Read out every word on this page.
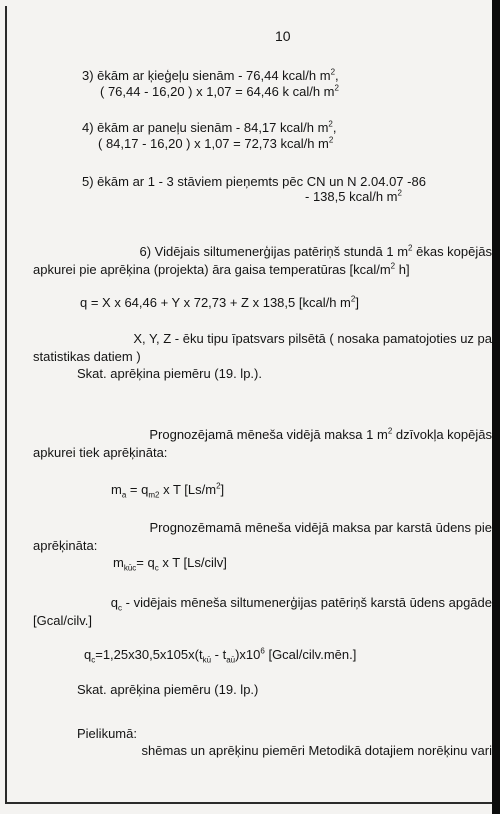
10
3) ēkām ar ķieģeļu sienām - 76,44 kcal/h $m^2$,
( 76,44 - 16,20 ) x 1,07 = 64,46 k cal/h $m^2$
4) ēkām ar paneļu sienām - 84,17 kcal/h $m^2$,
( 84,17 - 16,20 ) x 1,07 = 72,73 kcal/h $m^2$
5) ēkām ar 1 - 3 stāviem pieņemts pēc CN un N 2.04.07 -86
- 138,5 kcal/h $m^2$
6) Vidējais siltumenerģijas patēriņš stundā 1 $m^2$ ēkas kopējās
apkurei pie aprēķina (projekta) āra gaisa temperatūras [$kcal/m^2$ h]
q = X x 64,46 + Y x 72,73 + Z x 138,5 [kcal/h $m^2$]
X, Y, Z - ēku tipu īpatsvars pilsētā ( nosaka pamatojoties uz pa
statistikas datiem )
Skat. aprēķina piemēru (19. lp.).
Prognozējamā mēneša vidējā maksa 1 $m^2$ dzīvokļa kopējās
apkurei tiek aprēķināta:
$m_a = q_{m2}$ x T $[Ls/m^2]$
Prognozēmamā mēneša vidējā maksa par karstā ūdens pie
aprēķināta:
$m_{kūc}= q_c$ x T [Ls/cilv]
$q_c$ - vidējais mēneša siltumenerģijas patēriņš karstā ūdens apgāde
[Gcal/cilv.]
$q_c=1,25x30,5x105x(t_{kū} - t_{aū})x10^6$ [Gcal/cilv.mēn.]
Skat. aprēķina piemēru (19. lp.)
Pielikumā:
shēmas un aprēķinu piemēri Metodikā dotajiem norēķinu vari
